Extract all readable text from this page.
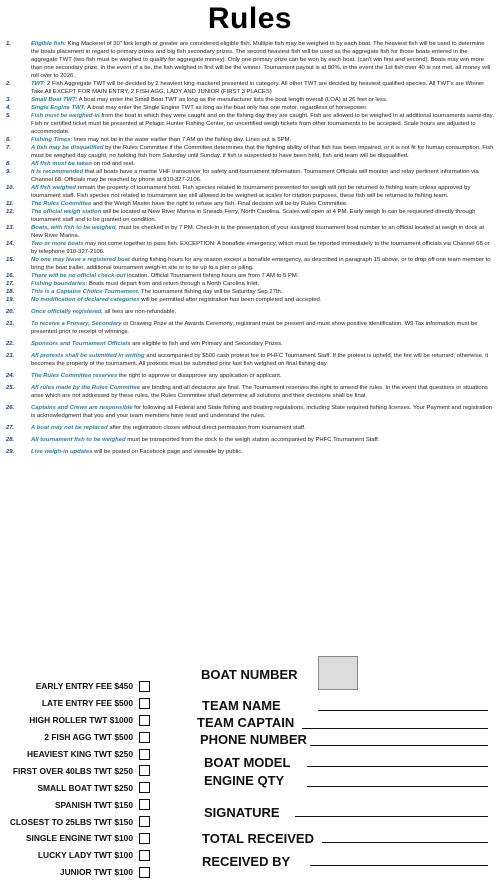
Rules
1.	Eligible fish: King Mackerel of 30" fork length or greater are considered eligible fish. Multiple fish may be weighed in by each boat. The heaviest fish will be used to determine the boats placement in regard to primary prizes and big fish secondary prizes. The second heaviest fish will be used as the aggregate fish for those boats entered in the aggregate TWT (two fish must be weighed to qualify for aggregate money). Only one primary prize can be won by each boat. (can't win first and second). Boats may win more than one secondary prize. In the event of a tie, the fish weighed in first will be the winner. Tournament payout is at 80%, in the event the 1st fish over 40 is not met, all money will roll over to 2026.
2.	TWT: 2 Fish Aggregate TWT will be decided by 2 heaviest king mackerel presented in category. All other TWT are decided by heaviest qualified species. All TWT's are Winner Take All EXCEPT FOR MAIN ENTRY, 2 FISH AGG, LADY AND JUNIOR (FIRST 3 PLACES)
3.	Small Boat TWT: A boat may enter the Small Boat TWT as long as the manufacturer lists the boat length overall (LOA) at 26 feet or less.
4.	Single Engine TWT: A boat may enter the Single Engine TWT as long as the boat only has one motor, regardless of horsepower.
5.	Fish must be weighed-in from the boat in which they were caught and on the fishing day they are caught. Fish are allowed to be weighed in at additional tournaments same day. Fish or certified ticket must be presented at Pelagic Hunter Fishing Center, no uncertified weigh tickets from other tournaments to be accepted. Scale hours are adjusted to accommodate.
6.	Fishing Times: lines may not be in the water earlier than 7 AM on the fishing day. Lines out is 5PM.
7.	A fish may be disqualified by the Rules Committee if the Committee determines that the fighting ability of that fish has been impaired, or it is not fit for human consumption. Fish must be weighed day caught, no holding fish from Saturday until Sunday, if fish is suspected to have been held, fish and team will be disqualified.
8.	All fish must be taken on rod and reel.
9.	It is recommended that all boats have a marine VHF transceiver for safety and tournament information. Tournament Officials will monitor and relay pertinent information via Channel 68. Officials may be reached by phone at 910-327-2106.
10.	All fish weighed remain the property of tournament host. Fish species related to tournament presented for weigh will not be returned to fishing team unless approved by tournament staff. Fish species not related to tournament are still allowed to be weighed at scales for citation purposes, these fish will be returned to fishing team.
11.	The Rules Committee and the Weigh Master have the right to refuse any fish. Final decision will be by Rules Committee.
12.	The official weigh station will be located at New River Marina in Sneads Ferry, North Carolina. Scales will open at 4 PM. Early weigh in can be requested directly through tournament staff and to be granted on condition.
13.	Boats, with fish to be weighed, must be checked in by 7 PM. Check-in is the presentation of your assigned tournament boat number to an official located at weigh in dock at New River Marina.
14.	Two or more boats may not come together to pass fish. EXCEPTION: A bonafide emergency, which must be reported immediately to the tournament officials via Channel 68 or by telephone 910-327-2106.
15.	No one may leave a registered boat during fishing hours for any reason except a bonafide emergency, as described in paragraph 15 above, or to drop off one team member to bring the boat trailer, additional tournament weigh-in site or to tie up to a pier or piling.
16.	There will be no official check-out location. Official Tournament fishing hours are from 7 AM to 5 PM.
17.	Fishing boundaries: Boats must depart from and return through a North Carolina Inlet.
18.	This is a Captains Choice Tournament. The tournament fishing day will be Saturday Sep 27th.
19.	No modification of declared categories will be permitted after registration has been completed and accepted.
20.	Once officially registered, all fees are non-refundable.
21.	To receive a Primary, Secondary or Drawing Prize at the Awards Ceremony, registrant must be present and must show positive identification. W9 Tax information must be presented prior to receipt of winnings.
22.	Sponsors and Tournament Officials are eligible to fish and win Primary and Secondary Prizes.
23.	All protests shall be submitted in writing and accompanied by $500 cash protest fee to PHFC Tournament Staff. If the protest is upheld, the fee will be returned; otherwise, it becomes the property of the tournament. All protests must be submitted prior last fish weighed on final fishing day.
24.	The Rules Committee reserves the right to approve or disapprove any application or applicant.
25.	All rules made by the Rules Committee are binding and all decisions are final. The Tournament reserves the right to amend the rules. In the event that questions or situations arise which are not addressed by these rules, the Rules Committee shall determine all solutions and their decisions shall be final.
26.	Captains and Crews are responsible for following all Federal and State fishing and boating regulations, including State required fishing licenses. Your Payment and registration is acknowledgment that you and your team members have read and understand the rules.
27.	A boat may not be replaced after the registration closes without direct permission from tournament staff.
28.	All tournament fish to be weighed must be transported from the dock to the weigh station accompanied by PHFC Tournament Staff.
29.	Live weigh-in updates will be posted on Facebook page and viewable by public.
EARLY ENTRY FEE $450
LATE ENTRY FEE $500
HIGH ROLLER TWT $1000
2 FISH AGG TWT $500
HEAVIEST KING TWT $250
FIRST OVER 40LBS TWT $250
SMALL BOAT TWT $250
SPANISH TWT $150
CLOSEST TO 25LBS TWT $150
SINGLE ENGINE TWT $100
LUCKY LADY TWT $100
JUNIOR TWT $100
BOAT NUMBER
TEAM NAME
TEAM CAPTAIN
PHONE NUMBER
BOAT MODEL
ENGINE QTY
SIGNATURE
TOTAL RECEIVED
RECEIVED BY
